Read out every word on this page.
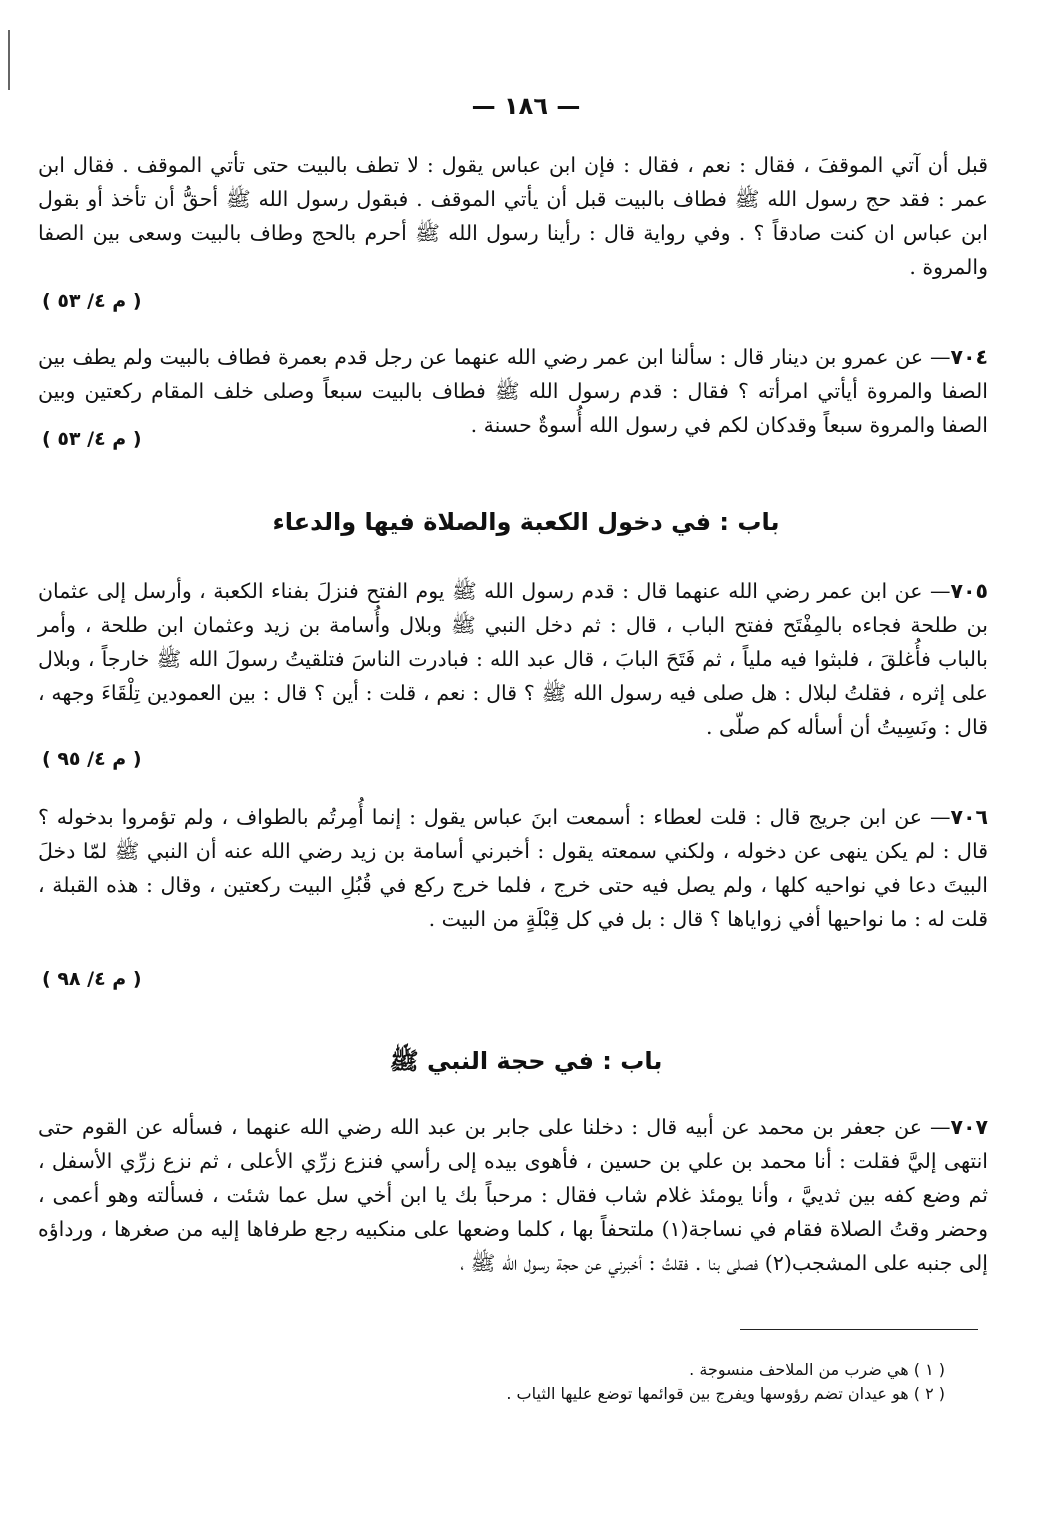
— ١٨٦ —

قبل أن آتي الموقفَ ، فقال : نعم ، فقال : فإن ابن عباس يقول : لا تطف بالبيت حتى تأتي الموقف . فقال ابن عمر : فقد حج رسول الله ﷺ فطاف بالبيت قبل أن يأتي الموقف . فبقول رسول الله ﷺ أحقُّ أن تأخذ أو بقول ابن عباس ان كنت صادقاً ؟ . وفي رواية قال : رأينا رسول الله ﷺ أحرم بالحج وطاف بالبيت وسعى بين الصفا والمروة .

( م ٤/ ٥٣ )

٧٠٤— عن عمرو بن دينار قال : سألنا ابن عمر رضي الله عنهما عن رجل قدم بعمرة فطاف بالبيت ولم يطف بين الصفا والمروة أيأتي امرأته ؟ فقال : قدم رسول الله ﷺ فطاف بالبيت سبعاً وصلى خلف المقام ركعتين وبين الصفا والمروة سبعاً وقدكان لكم في رسول الله أُسوةٌ حسنة .

( م ٤/ ٥٣ )
باب : في دخول الكعبة والصلاة فيها والدعاء

٧٠٥— عن ابن عمر رضي الله عنهما قال : قدم رسول الله ﷺ يوم الفتح فنزلَ بفناء الكعبة ، وأرسل إلى عثمان بن طلحة فجاءه بالمِفْتَح ففتح الباب ، قال : ثم دخل النبي ﷺ وبلال وأُسامة بن زيد وعثمان ابن طلحة ، وأمر بالباب فأُغلقَ ، فلبثوا فيه ملياً ، ثم فَتَحَ البابَ ، قال عبد الله : فبادرت الناسَ فتلقيتُ رسولَ الله ﷺ خارجاً ، وبلال على إثره ، فقلتُ لبلال : هل صلى فيه رسول الله ﷺ ؟ قال : نعم ، قلت : أين ؟ قال : بين العمودين تِلْقَاءَ وجهه ، قال : ونَسِيتُ أن أسأله كم صلّى .

( م ٤/ ٩٥ )

٧٠٦— عن ابن جريج قال : قلت لعطاء : أسمعت ابنَ عباس يقول : إنما أُمِرتُم بالطواف ، ولم تؤمروا بدخوله ؟ قال : لم يكن ينهى عن دخوله ، ولكني سمعته يقول : أخبرني أسامة بن زيد رضي الله عنه أن النبي ﷺ لمّا دخلَ البيتَ دعا في نواحيه كلها ، ولم يصل فيه حتى خرج ، فلما خرج ركع في قُبُلِ البيت ركعتين ، وقال : هذه القبلة ، قلت له : ما نواحيها أفي زواياها ؟ قال : بل في كل قِبْلَةٍ من البيت .

( م ٤/ ٩٨ )
باب : في حجة النبي ﷺ

٧٠٧— عن جعفر بن محمد عن أبيه قال : دخلنا على جابر بن عبد الله رضي الله عنهما ، فسأله عن القوم حتى انتهى إليَّ فقلت : أنا محمد بن علي بن حسين ، فأهوى بيده إلى رأسي فنزع زرِّي الأعلى ، ثم نزع زرِّي الأسفل ، ثم وضع كفه بين ثدييَّ ، وأنا يومئذ غلام شاب فقال : مرحباً بك يا ابن أخي سل عما شئت ، فسألته وهو أعمى ، وحضر وقتُ الصلاة فقام في نساجة(١) ملتحفاً بها ، كلما وضعها على منكبيه رجع طرفاها إليه من صغرها ، ورداؤه إلى جنبه على المشجب(٢) فصلى بنا . فقلتُ : أخبرني عن حجة رسول الله ﷺ ،

( ١ ) هي ضرب من الملاحف منسوجة .

( ٢ ) هو عيدان تضم رؤوسها ويفرج بين قوائمها توضع عليها الثياب .
